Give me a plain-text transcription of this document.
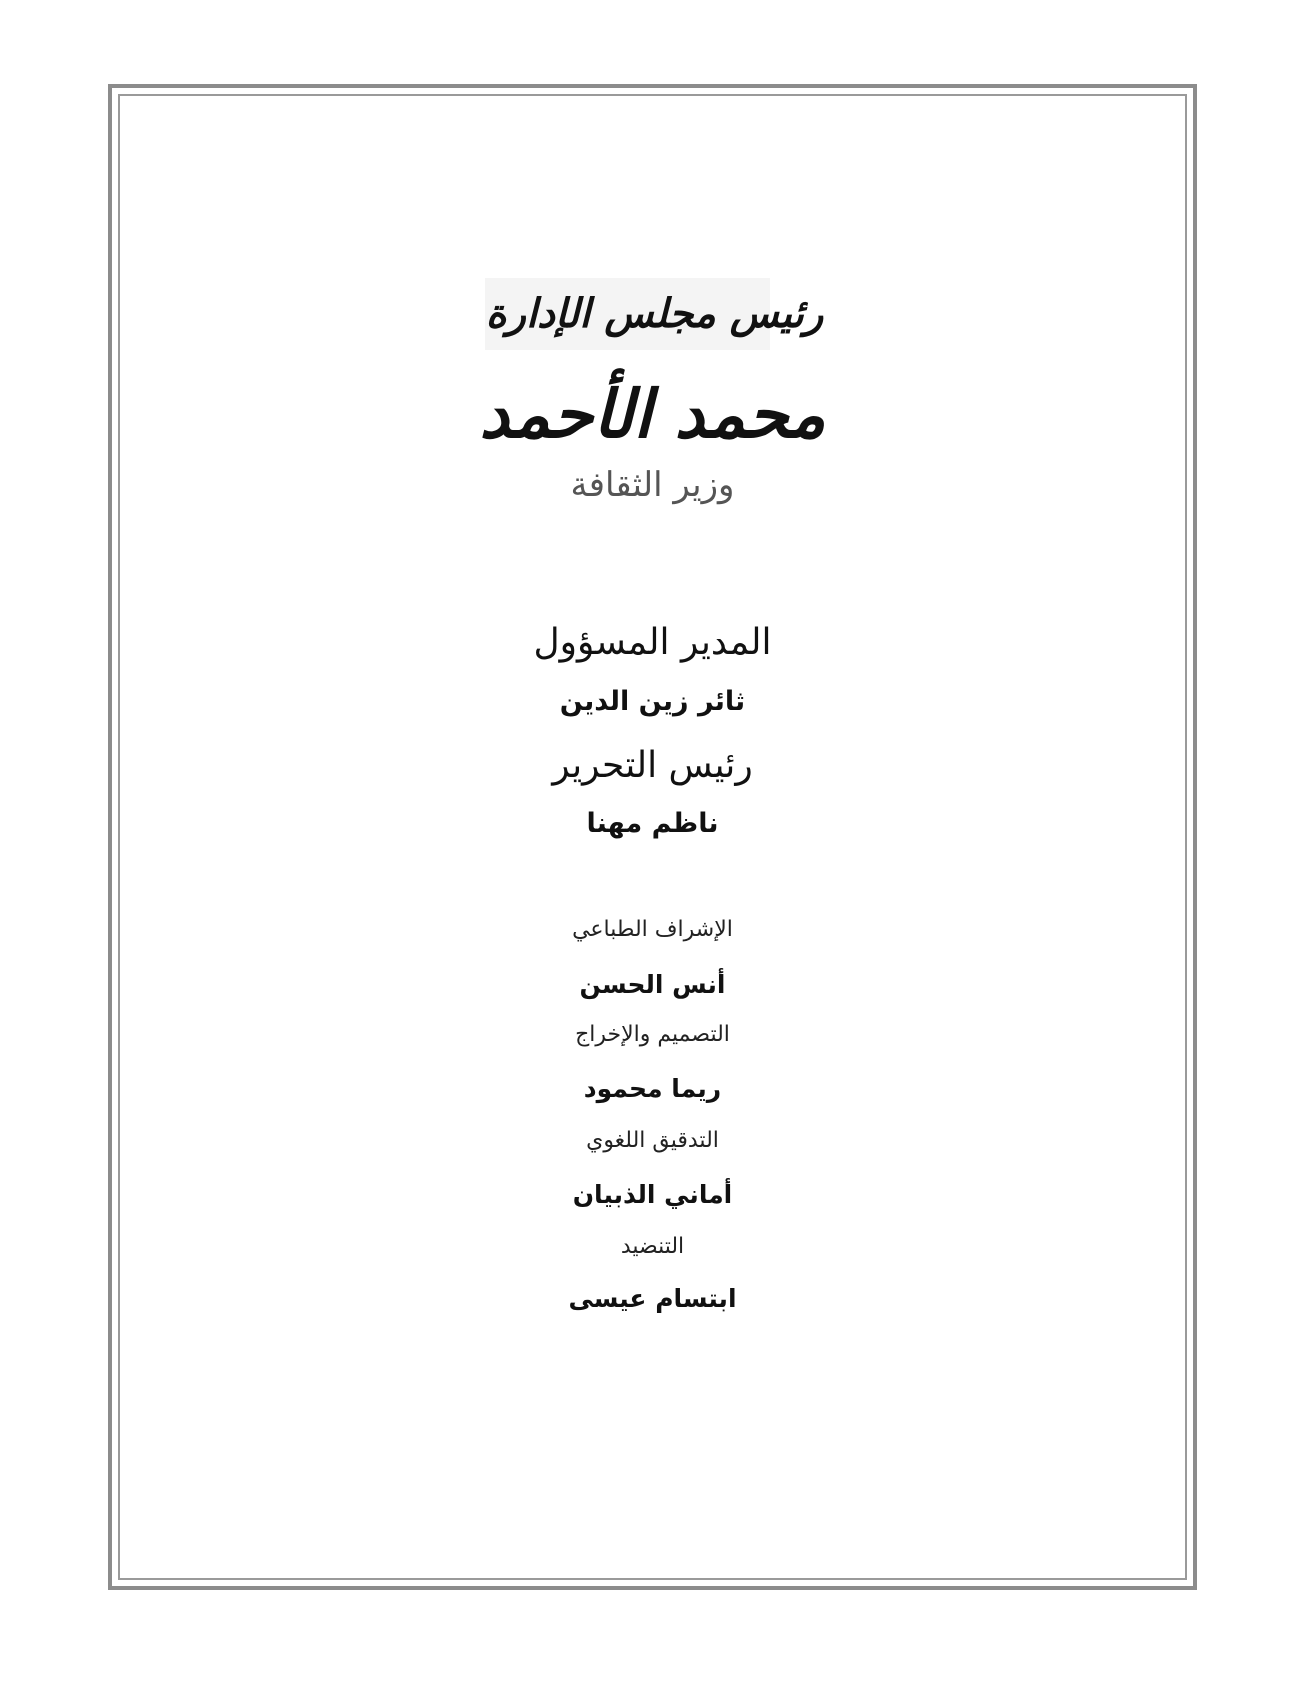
رئيس مجلس الإدارة
محمد الأحمد
وزير الثقافة
المدير المسؤول
ثائر زين الدين
رئيس التحرير
ناظم مهنا
الإشراف الطباعي
أنس الحسن
التصميم والإخراج
ريما محمود
التدقيق اللغوي
أماني الذبيان
التنضيد
ابتسام عيسى
